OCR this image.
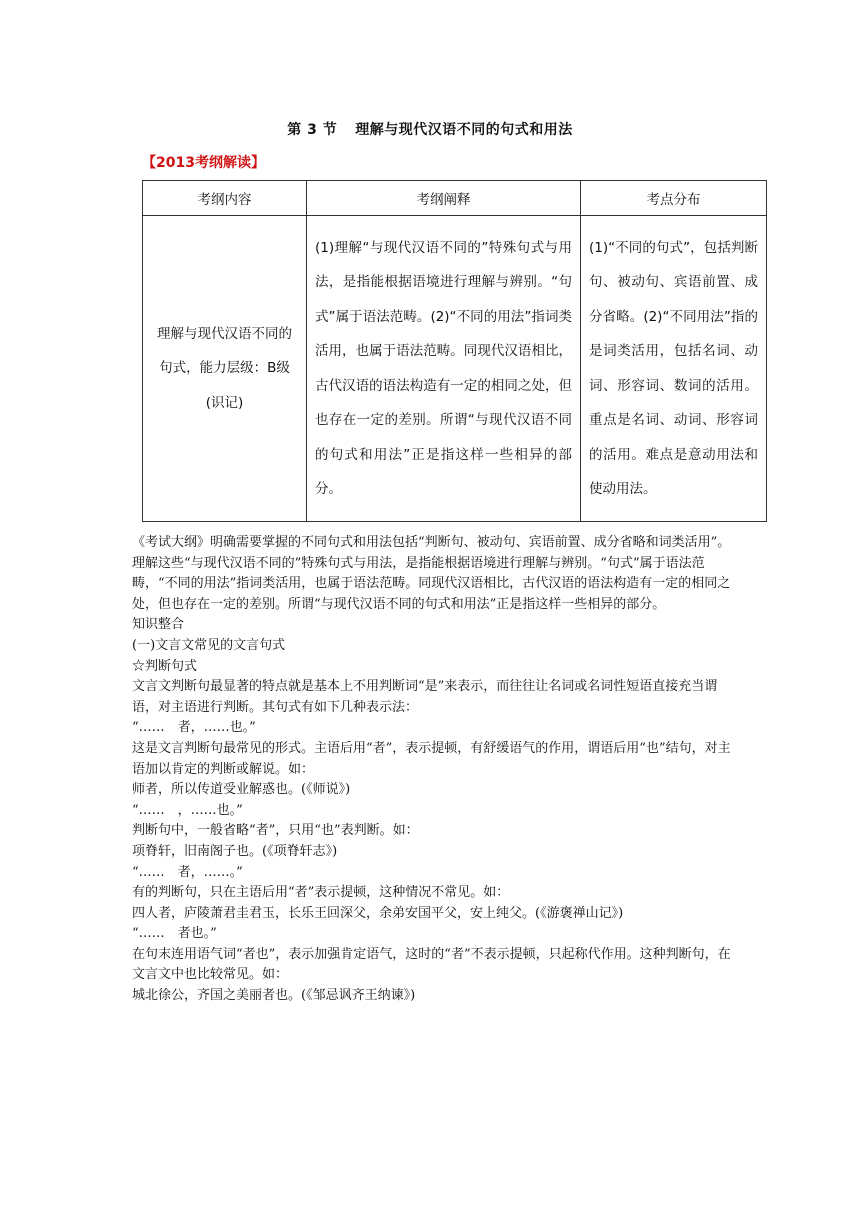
第 3 节 理解与现代汉语不同的句式和用法
【2013考纲解读】
考纲内容	考纲阐释	考点分布

理解与现代汉语不同的句式，能力层级：B级(识记)	(1)理解“与现代汉语不同的”特殊句式与用法，是指能根据语境进行理解与辨别。“句式”属于语法范畴。(2)“不同的用法”指词类活用，也属于语法范畴。同现代汉语相比，古代汉语的语法构造有一定的相同之处，但也存在一定的差别。所谓“与现代汉语不同的句式和用法”正是指这样一些相异的部分。	(1)“不同的句式”，包括判断句、被动句、宾语前置、成分省略。(2)“不同用法”指的是词类活用，包括名词、动词、形容词、数词的活用。重点是名词、动词、形容词的活用。难点是意动用法和使动用法。

《考试大纲》明确需要掌握的不同句式和用法包括“判断句、被动句、宾语前置、成分省略和词类活用”。

理解这些“与现代汉语不同的”特殊句式与用法，是指能根据语境进行理解与辨别。“句式”属于语法范畴，“不同的用法”指词类活用，也属于语法范畴。同现代汉语相比，古代汉语的语法构造有一定的相同之处，但也存在一定的差别。所谓“与现代汉语不同的句式和用法”正是指这样一些相异的部分。

知识整合

(一)文言文常见的文言句式

☆判断句式

文言文判断句最显著的特点就是基本上不用判断词“是”来表示，而往往让名词或名词性短语直接充当谓语，对主语进行判断。其句式有如下几种表示法：

“……　者，……也。”

这是文言判断句最常见的形式。主语后用“者”，表示提顿，有舒缓语气的作用，谓语后用“也”结句，对主语加以肯定的判断或解说。如：

师者，所以传道受业解惑也。(《师说》)

“……　，……也。”

判断句中，一般省略“者”，只用“也”表判断。如：

项脊轩，旧南阁子也。(《项脊轩志》)

“……　者，……。”

有的判断句，只在主语后用“者”表示提顿，这种情况不常见。如：

四人者，庐陵萧君圭君玉，长乐王回深父，余弟安国平父，安上纯父。(《游褒禅山记》)

“……　者也。”

在句末连用语气词“者也”，表示加强肯定语气，这时的“者”不表示提顿，只起称代作用。这种判断句，在文言文中也比较常见。如：

城北徐公，齐国之美丽者也。(《邹忌讽齐王纳谏》)
